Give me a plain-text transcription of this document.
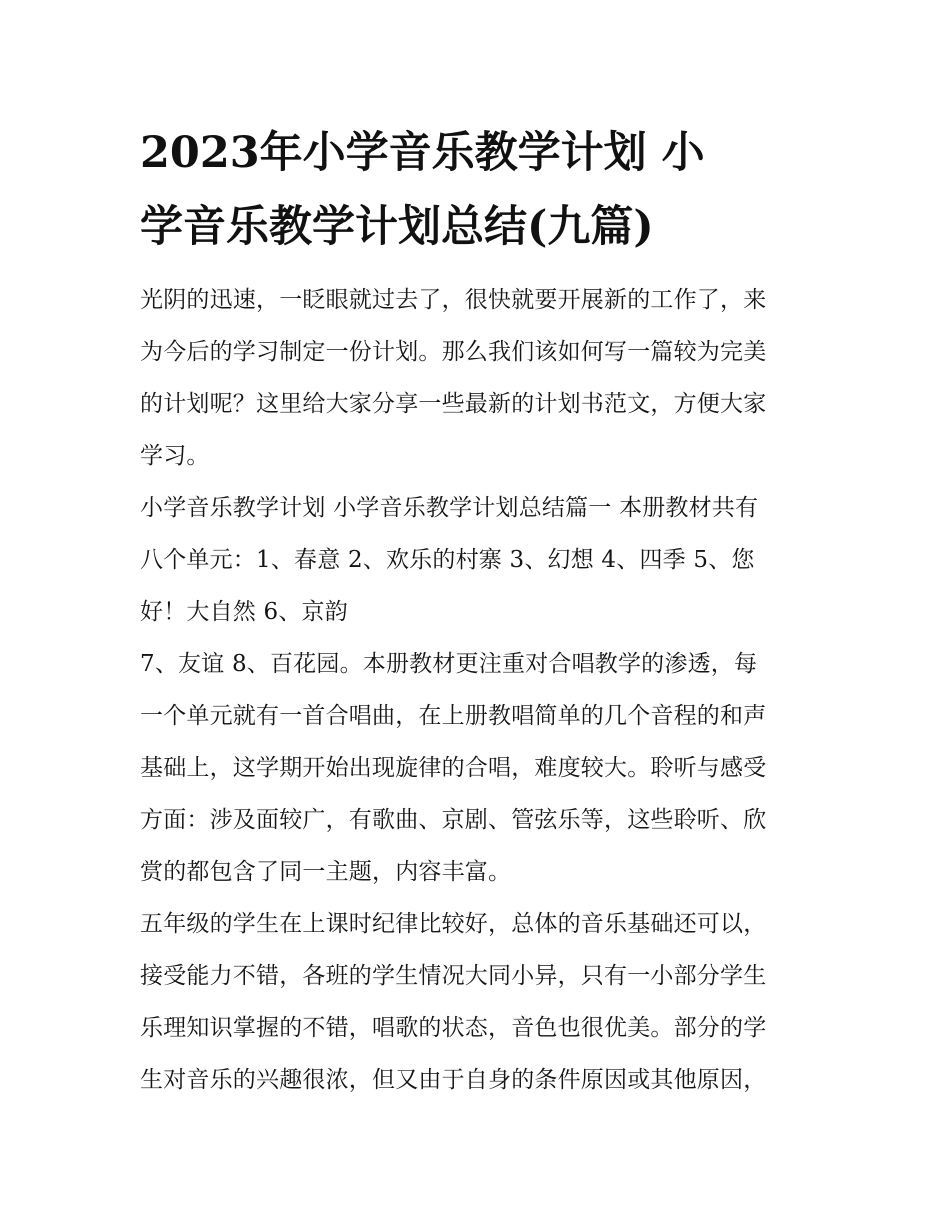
2023年小学音乐教学计划 小
学音乐教学计划总结(九篇)
光阴的迅速，一眨眼就过去了，很快就要开展新的工作了，来
为今后的学习制定一份计划。那么我们该如何写一篇较为完美
的计划呢？这里给大家分享一些最新的计划书范文，方便大家
学习。
小学音乐教学计划 小学音乐教学计划总结篇一 本册教材共有
八个单元：1、春意 2、欢乐的村寨 3、幻想 4、四季 5、您
好！大自然 6、京韵
7、友谊 8、百花园。本册教材更注重对合唱教学的渗透，每
一个单元就有一首合唱曲，在上册教唱简单的几个音程的和声
基础上，这学期开始出现旋律的合唱，难度较大。聆听与感受
方面：涉及面较广，有歌曲、京剧、管弦乐等，这些聆听、欣
赏的都包含了同一主题，内容丰富。
五年级的学生在上课时纪律比较好，总体的音乐基础还可以，
接受能力不错，各班的学生情况大同小异，只有一小部分学生
乐理知识掌握的不错，唱歌的状态，音色也很优美。部分的学
生对音乐的兴趣很浓，但又由于自身的条件原因或其他原因，
